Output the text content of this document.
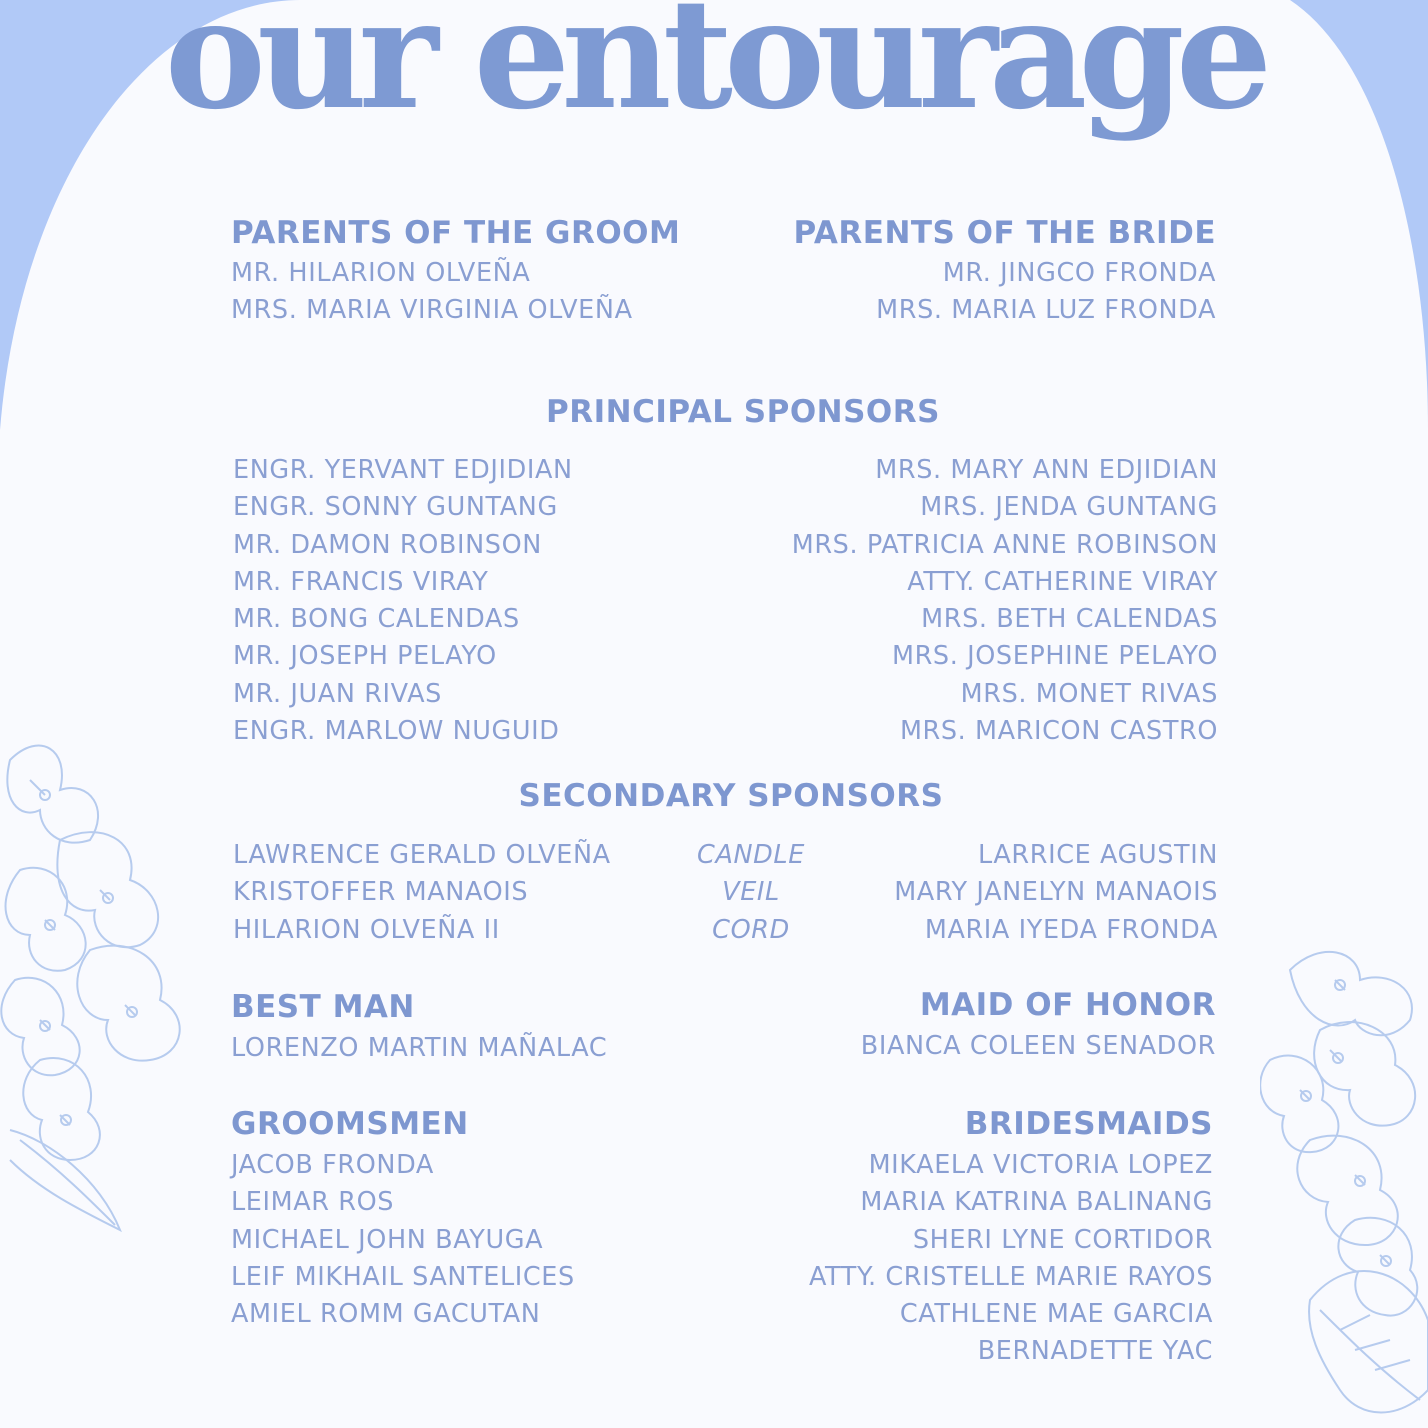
our entourage
PARENTS OF THE GROOM
MR. HILARION OLVEÑA
MRS. MARIA VIRGINIA OLVEÑA
PARENTS OF THE BRIDE
MR. JINGCO FRONDA
MRS. MARIA LUZ FRONDA
PRINCIPAL SPONSORS
ENGR. YERVANT EDJIDIAN
ENGR. SONNY GUNTANG
MR. DAMON ROBINSON
MR. FRANCIS VIRAY
MR. BONG CALENDAS
MR. JOSEPH PELAYO
MR. JUAN RIVAS
ENGR. MARLOW NUGUID
MRS. MARY ANN EDJIDIAN
MRS. JENDA GUNTANG
MRS. PATRICIA ANNE ROBINSON
ATTY. CATHERINE VIRAY
MRS. BETH CALENDAS
MRS. JOSEPHINE PELAYO
MRS. MONET RIVAS
MRS. MARICON CASTRO
SECONDARY SPONSORS
LAWRENCE GERALD OLVEÑA
KRISTOFFER MANAOIS
HILARION OLVEÑA II
CANDLE
VEIL
CORD
LARRICE AGUSTIN
MARY JANELYN MANAOIS
MARIA IYEDA FRONDA
BEST MAN
LORENZO MARTIN MAÑALAC
MAID OF HONOR
BIANCA COLEEN SENADOR
GROOMSMEN
JACOB FRONDA
LEIMAR ROS
MICHAEL JOHN BAYUGA
LEIF MIKHAIL SANTELICES
AMIEL ROMM GACUTAN
BRIDESMAIDS
MIKAELA VICTORIA LOPEZ
MARIA KATRINA BALINANG
SHERI LYNE CORTIDOR
ATTY. CRISTELLE MARIE RAYOS
CATHLENE MAE GARCIA
BERNADETTE YAC
